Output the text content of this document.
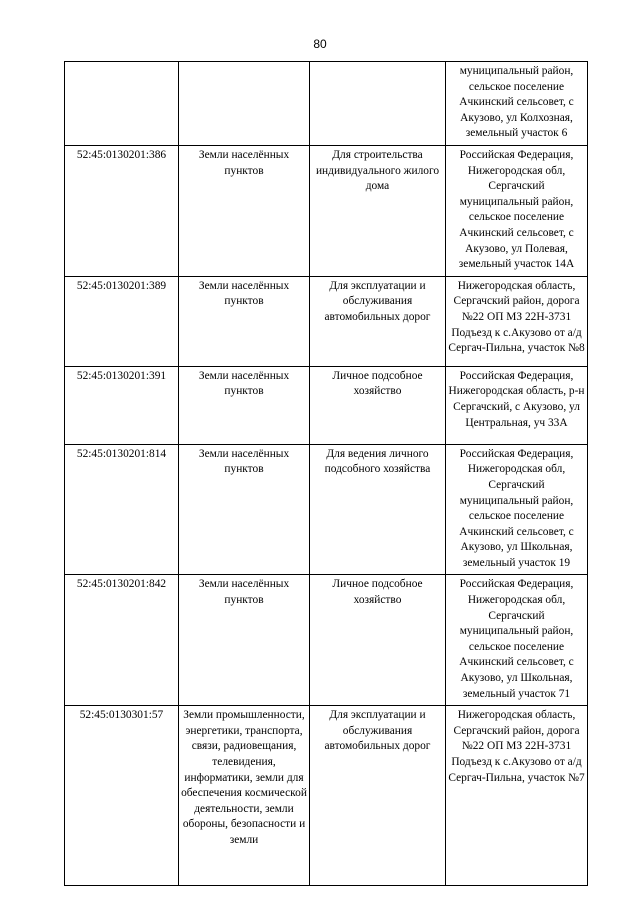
80
			муниципальный район, сельское поселение Ачкинский сельсовет, с Акузово, ул Колхозная, земельный участок 6
52:45:0130201:386	Земли населённых пунктов	Для строительства индивидуального жилого дома	Российская Федерация, Нижегородская обл, Сергачский муниципальный район, сельское поселение Ачкинский сельсовет, с Акузово, ул Полевая, земельный участок 14А
52:45:0130201:389	Земли населённых пунктов	Для эксплуатации и обслуживания автомобильных дорог	Нижегородская область, Сергачский район, дорога №22 ОП МЗ 22Н-3731 Подъезд к с.Акузово от а/д Сергач-Пильна, участок №8
52:45:0130201:391	Земли населённых пунктов	Личное подсобное хозяйство	Российская Федерация, Нижегородская область, р-н Сергачский, с Акузово, ул Центральная, уч 33А
52:45:0130201:814	Земли населённых пунктов	Для ведения личного подсобного хозяйства	Российская Федерация, Нижегородская обл, Сергачский муниципальный район, сельское поселение Ачкинский сельсовет, с Акузово, ул Школьная, земельный участок 19
52:45:0130201:842	Земли населённых пунктов	Личное подсобное хозяйство	Российская Федерация, Нижегородская обл, Сергачский муниципальный район, сельское поселение Ачкинский сельсовет, с Акузово, ул Школьная, земельный участок 71
52:45:0130301:57	Земли промышленности, энергетики, транспорта, связи, радиовещания, телевидения, информатики, земли для обеспечения космической деятельности, земли обороны, безопасности и земли	Для эксплуатации и обслуживания автомобильных дорог	Нижегородская область, Сергачский район, дорога №22 ОП МЗ 22Н-3731 Подъезд к с.Акузово от а/д Сергач-Пильна, участок №7
